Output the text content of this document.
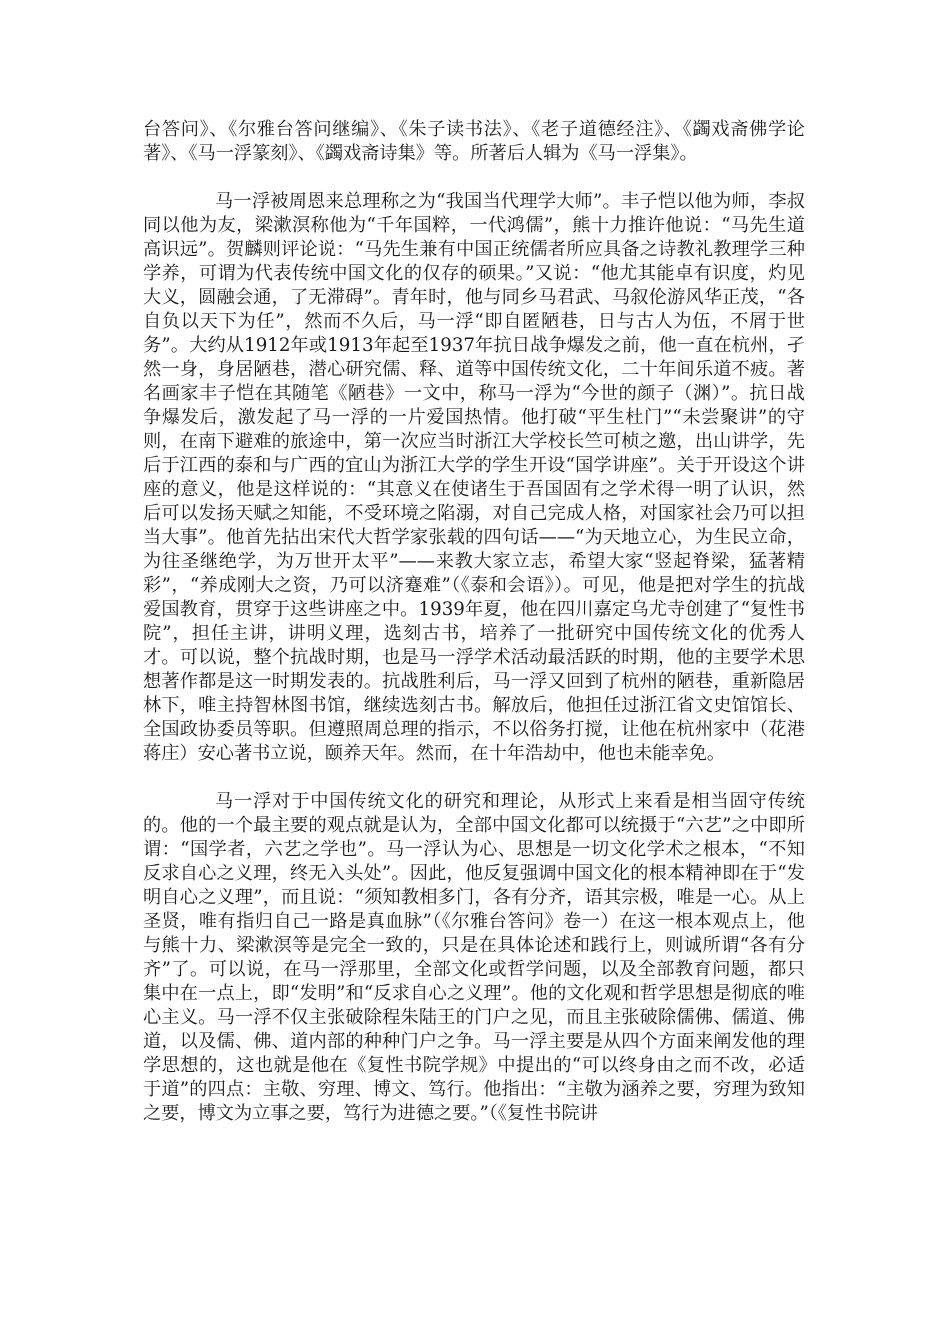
台答问》、《尔雅台答问继编》、《朱子读书法》、《老子道德经注》、《蠲戏斋佛学论著》、《马一浮篆刻》、《蠲戏斋诗集》等。所著后人辑为《马一浮集》。

马一浮被周恩来总理称之为“我国当代理学大师”。丰子恺以他为师，李叔同以他为友，梁漱溟称他为“千年国粹，一代鸿儒”，熊十力推许他说：“马先生道高识远”。贺麟则评论说：“马先生兼有中国正统儒者所应具备之诗教礼教理学三种学养，可谓为代表传统中国文化的仅存的硕果。”又说：“他尤其能卓有识度，灼见大义，圆融会通，了无滞碍”。青年时，他与同乡马君武、马叙伦游风华正茂，“各自负以天下为任”，然而不久后，马一浮“即自匿陋巷，日与古人为伍，不屑于世务”。大约从1912年或1913年起至1937年抗日战争爆发之前，他一直在杭州，孑然一身，身居陋巷，潜心研究儒、释、道等中国传统文化，二十年间乐道不疲。著名画家丰子恺在其随笔《陋巷》一文中，称马一浮为“今世的颜子（渊）”。抗日战争爆发后，激发起了马一浮的一片爱国热情。他打破“平生杜门”“未尝聚讲”的守则，在南下避难的旅途中，第一次应当时浙江大学校长竺可桢之邀，出山讲学，先后于江西的泰和与广西的宜山为浙江大学的学生开设“国学讲座”。关于开设这个讲座的意义，他是这样说的：“其意义在使诸生于吾国固有之学术得一明了认识，然后可以发扬天赋之知能，不受环境之陷溺，对自己完成人格，对国家社会乃可以担当大事”。他首先拈出宋代大哲学家张载的四句话——“为天地立心，为生民立命，为往圣继绝学，为万世开太平”——来教大家立志，希望大家“竖起脊梁，猛著精彩”，“养成刚大之资，乃可以济蹇难”（《泰和会语》）。可见，他是把对学生的抗战爱国教育，贯穿于这些讲座之中。1939年夏，他在四川嘉定乌尤寺创建了“复性书院”，担任主讲，讲明义理，选刻古书，培养了一批研究中国传统文化的优秀人才。可以说，整个抗战时期，也是马一浮学术活动最活跃的时期，他的主要学术思想著作都是这一时期发表的。抗战胜利后，马一浮又回到了杭州的陋巷，重新隐居林下，唯主持智林图书馆，继续选刻古书。解放后，他担任过浙江省文史馆馆长、全国政协委员等职。但遵照周总理的指示，不以俗务打搅，让他在杭州家中（花港蒋庄）安心著书立说，颐养天年。然而，在十年浩劫中，他也未能幸免。

马一浮对于中国传统文化的研究和理论，从形式上来看是相当固守传统的。他的一个最主要的观点就是认为，全部中国文化都可以统摄于“六艺”之中即所谓：“国学者，六艺之学也”。马一浮认为心、思想是一切文化学术之根本，“不知反求自心之义理，终无入头处”。因此，他反复强调中国文化的根本精神即在于“发明自心之义理”，而且说：“须知教相多门，各有分齐，语其宗极，唯是一心。从上圣贤，唯有指归自己一路是真血脉”（《尔雅台答问》卷一）在这一根本观点上，他与熊十力、梁漱溟等是完全一致的，只是在具体论述和践行上，则诚所谓“各有分齐”了。可以说，在马一浮那里，全部文化或哲学问题，以及全部教育问题，都只集中在一点上，即“发明”和“反求自心之义理”。他的文化观和哲学思想是彻底的唯心主义。马一浮不仅主张破除程朱陆王的门户之见，而且主张破除儒佛、儒道、佛道，以及儒、佛、道内部的种种门户之争。马一浮主要是从四个方面来阐发他的理学思想的，这也就是他在《复性书院学规》中提出的“可以终身由之而不改，必适于道”的四点：主敬、穷理、博文、笃行。他指出：“主敬为涵养之要，穷理为致知之要，博文为立事之要，笃行为进德之要。”（《复性书院讲
